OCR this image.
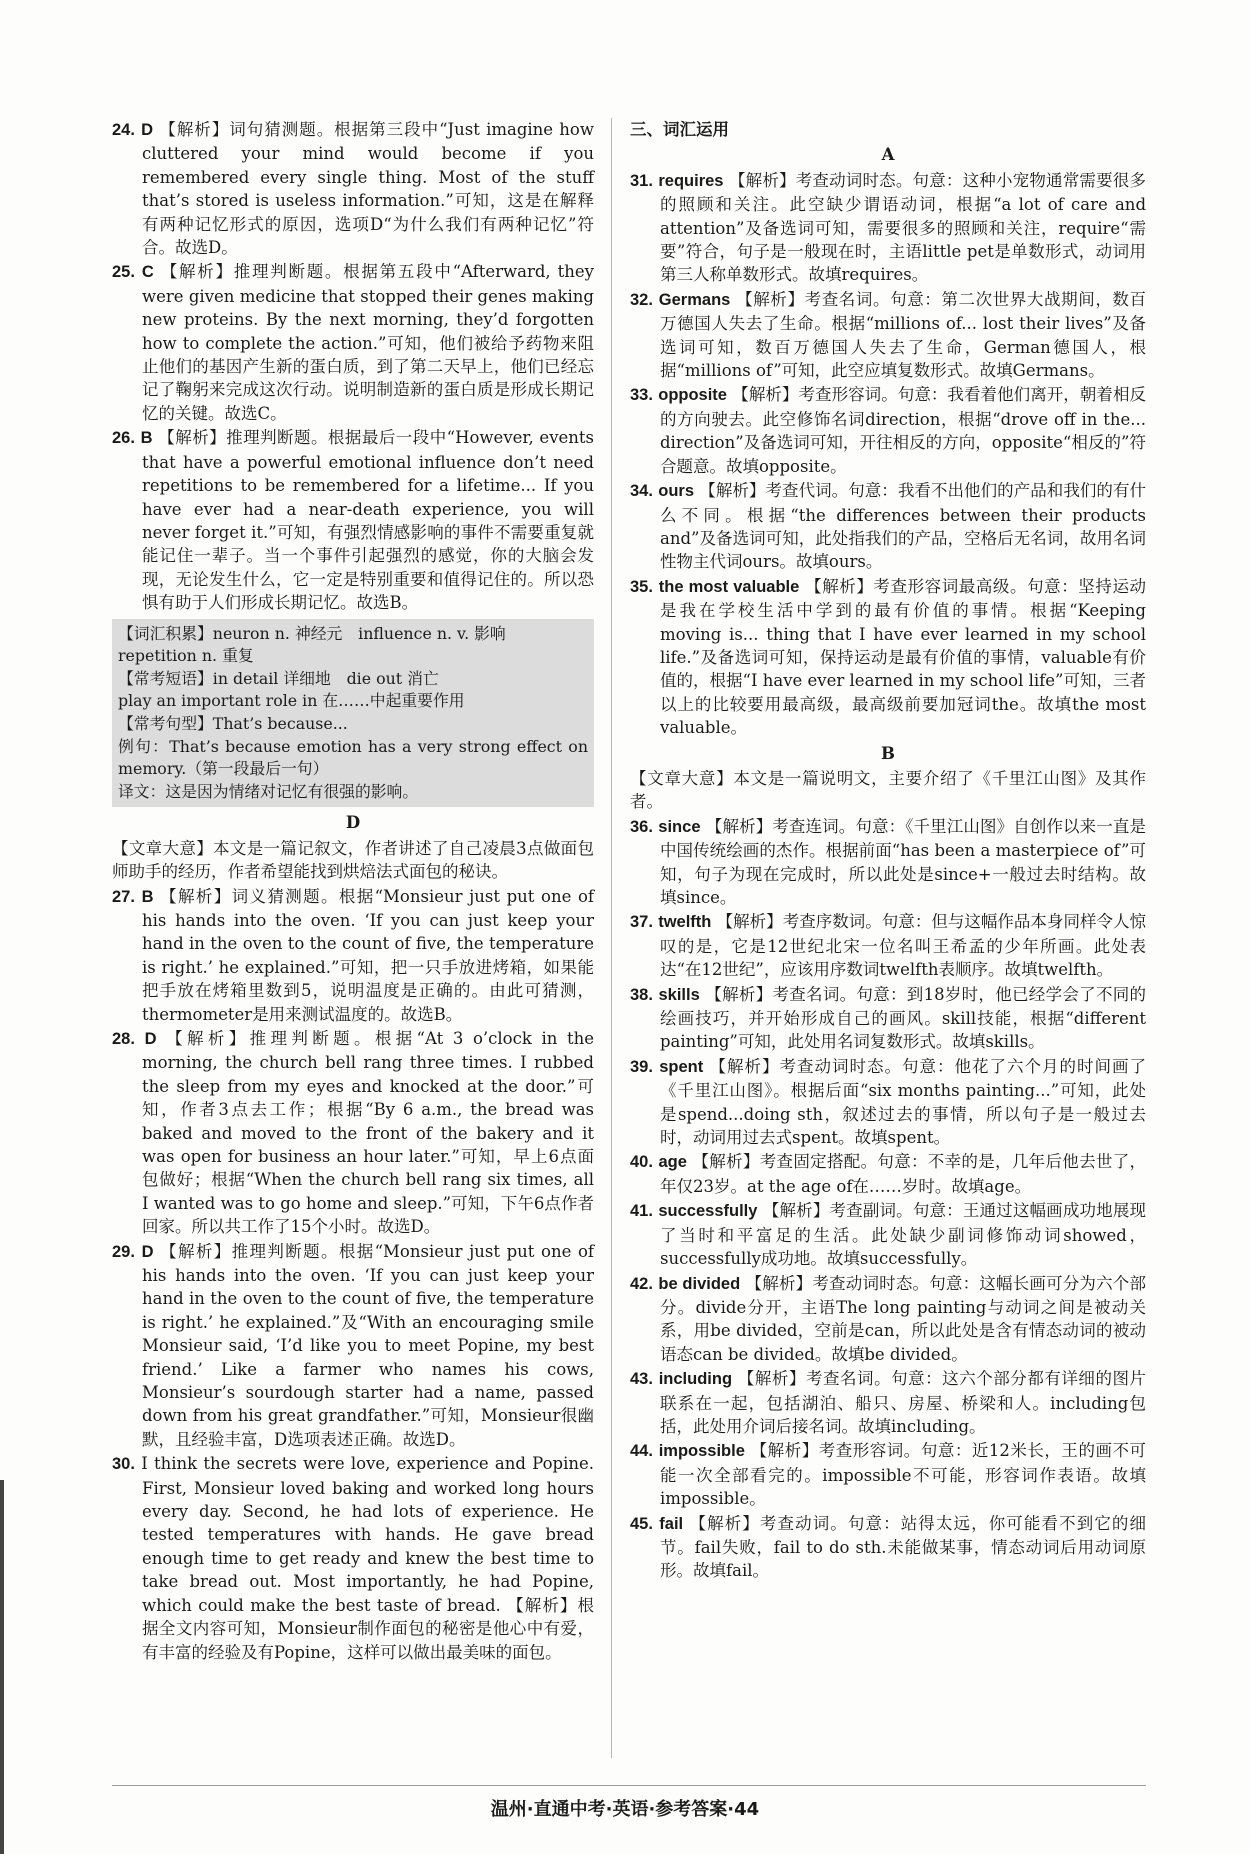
24. D 【解析】词句猜测题。根据第三段中“Just imagine how cluttered your mind would become if you remembered every single thing. Most of the stuff that’s stored is useless information.”可知，这是在解释有两种记忆形式的原因，选项D“为什么我们有两种记忆”符合。故选D。

25. C 【解析】推理判断题。根据第五段中“Afterward, they were given medicine that stopped their genes making new proteins. By the next morning, they’d forgotten how to complete the action.”可知，他们被给予药物来阻止他们的基因产生新的蛋白质，到了第二天早上，他们已经忘记了鞠躬来完成这次行动。说明制造新的蛋白质是形成长期记忆的关键。故选C。

26. B 【解析】推理判断题。根据最后一段中“However, events that have a powerful emotional influence don’t need repetitions to be remembered for a lifetime... If you have ever had a near-death experience, you will never forget it.”可知，有强烈情感影响的事件不需要重复就能记住一辈子。当一个事件引起强烈的感觉，你的大脑会发现，无论发生什么，它一定是特别重要和值得记住的。所以恐惧有助于人们形成长期记忆。故选B。

【词汇积累】neuron n. 神经元　influence n. v. 影响

repetition n. 重复

【常考短语】in detail 详细地　die out 消亡

play an important role in 在……中起重要作用

【常考句型】That’s because...

例句：That’s because emotion has a very strong effect on memory.（第一段最后一句）

译文：这是因为情绪对记忆有很强的影响。

D

【文章大意】本文是一篇记叙文，作者讲述了自己凌晨3点做面包师助手的经历，作者希望能找到烘焙法式面包的秘诀。

27. B 【解析】词义猜测题。根据“Monsieur just put one of his hands into the oven. ‘If you can just keep your hand in the oven to the count of five, the temperature is right.’ he explained.”可知，把一只手放进烤箱，如果能把手放在烤箱里数到5，说明温度是正确的。由此可猜测，thermometer是用来测试温度的。故选B。

28. D 【解析】推理判断题。根据“At 3 o’clock in the morning, the church bell rang three times. I rubbed the sleep from my eyes and knocked at the door.”可知，作者3点去工作；根据“By 6 a.m., the bread was baked and moved to the front of the bakery and it was open for business an hour later.”可知，早上6点面包做好；根据“When the church bell rang six times, all I wanted was to go home and sleep.”可知，下午6点作者回家。所以共工作了15个小时。故选D。

29. D 【解析】推理判断题。根据“Monsieur just put one of his hands into the oven. ‘If you can just keep your hand in the oven to the count of five, the temperature is right.’ he explained.”及“With an encouraging smile Monsieur said, ‘I’d like you to meet Popine, my best friend.’ Like a farmer who names his cows, Monsieur’s sourdough starter had a name, passed down from his great grandfather.”可知，Monsieur很幽默，且经验丰富，D选项表述正确。故选D。

30. I think the secrets were love, experience and Popine. First, Monsieur loved baking and worked long hours every day. Second, he had lots of experience. He tested temperatures with hands. He gave bread enough time to get ready and knew the best time to take bread out. Most importantly, he had Popine, which could make the best taste of bread. 【解析】根据全文内容可知，Monsieur制作面包的秘密是他心中有爱，有丰富的经验及有Popine，这样可以做出最美味的面包。

三、词汇运用

A

31. requires 【解析】考查动词时态。句意：这种小宠物通常需要很多的照顾和关注。此空缺少谓语动词，根据“a lot of care and attention”及备选词可知，需要很多的照顾和关注，require“需要”符合，句子是一般现在时，主语little pet是单数形式，动词用第三人称单数形式。故填requires。

32. Germans 【解析】考查名词。句意：第二次世界大战期间，数百万德国人失去了生命。根据“millions of... lost their lives”及备选词可知，数百万德国人失去了生命，German德国人，根据“millions of”可知，此空应填复数形式。故填Germans。

33. opposite 【解析】考查形容词。句意：我看着他们离开，朝着相反的方向驶去。此空修饰名词direction，根据“drove off in the... direction”及备选词可知，开往相反的方向，opposite“相反的”符合题意。故填opposite。

34. ours 【解析】考查代词。句意：我看不出他们的产品和我们的有什么不同。根据“the differences between their products and”及备选词可知，此处指我们的产品，空格后无名词，故用名词性物主代词ours。故填ours。

35. the most valuable 【解析】考查形容词最高级。句意：坚持运动是我在学校生活中学到的最有价值的事情。根据“Keeping moving is... thing that I have ever learned in my school life.”及备选词可知，保持运动是最有价值的事情，valuable有价值的，根据“I have ever learned in my school life”可知，三者以上的比较要用最高级，最高级前要加冠词the。故填the most valuable。

B

【文章大意】本文是一篇说明文，主要介绍了《千里江山图》及其作者。

36. since 【解析】考查连词。句意：《千里江山图》自创作以来一直是中国传统绘画的杰作。根据前面“has been a masterpiece of”可知，句子为现在完成时，所以此处是since+一般过去时结构。故填since。

37. twelfth 【解析】考查序数词。句意：但与这幅作品本身同样令人惊叹的是，它是12世纪北宋一位名叫王希孟的少年所画。此处表达“在12世纪”，应该用序数词twelfth表顺序。故填twelfth。

38. skills 【解析】考查名词。句意：到18岁时，他已经学会了不同的绘画技巧，并开始形成自己的画风。skill技能，根据“different painting”可知，此处用名词复数形式。故填skills。

39. spent 【解析】考查动词时态。句意：他花了六个月的时间画了《千里江山图》。根据后面“six months painting...”可知，此处是spend...doing sth，叙述过去的事情，所以句子是一般过去时，动词用过去式spent。故填spent。

40. age 【解析】考查固定搭配。句意：不幸的是，几年后他去世了，年仅23岁。at the age of在……岁时。故填age。

41. successfully 【解析】考查副词。句意：王通过这幅画成功地展现了当时和平富足的生活。此处缺少副词修饰动词showed，successfully成功地。故填successfully。

42. be divided 【解析】考查动词时态。句意：这幅长画可分为六个部分。divide分开，主语The long painting与动词之间是被动关系，用be divided，空前是can，所以此处是含有情态动词的被动语态can be divided。故填be divided。

43. including 【解析】考查名词。句意：这六个部分都有详细的图片联系在一起，包括湖泊、船只、房屋、桥梁和人。including包括，此处用介词后接名词。故填including。

44. impossible 【解析】考查形容词。句意：近12米长，王的画不可能一次全部看完的。impossible不可能，形容词作表语。故填impossible。

45. fail 【解析】考查动词。句意：站得太远，你可能看不到它的细节。fail失败，fail to do sth.未能做某事，情态动词后用动词原形。故填fail。

温州·直通中考·英语·参考答案·44
